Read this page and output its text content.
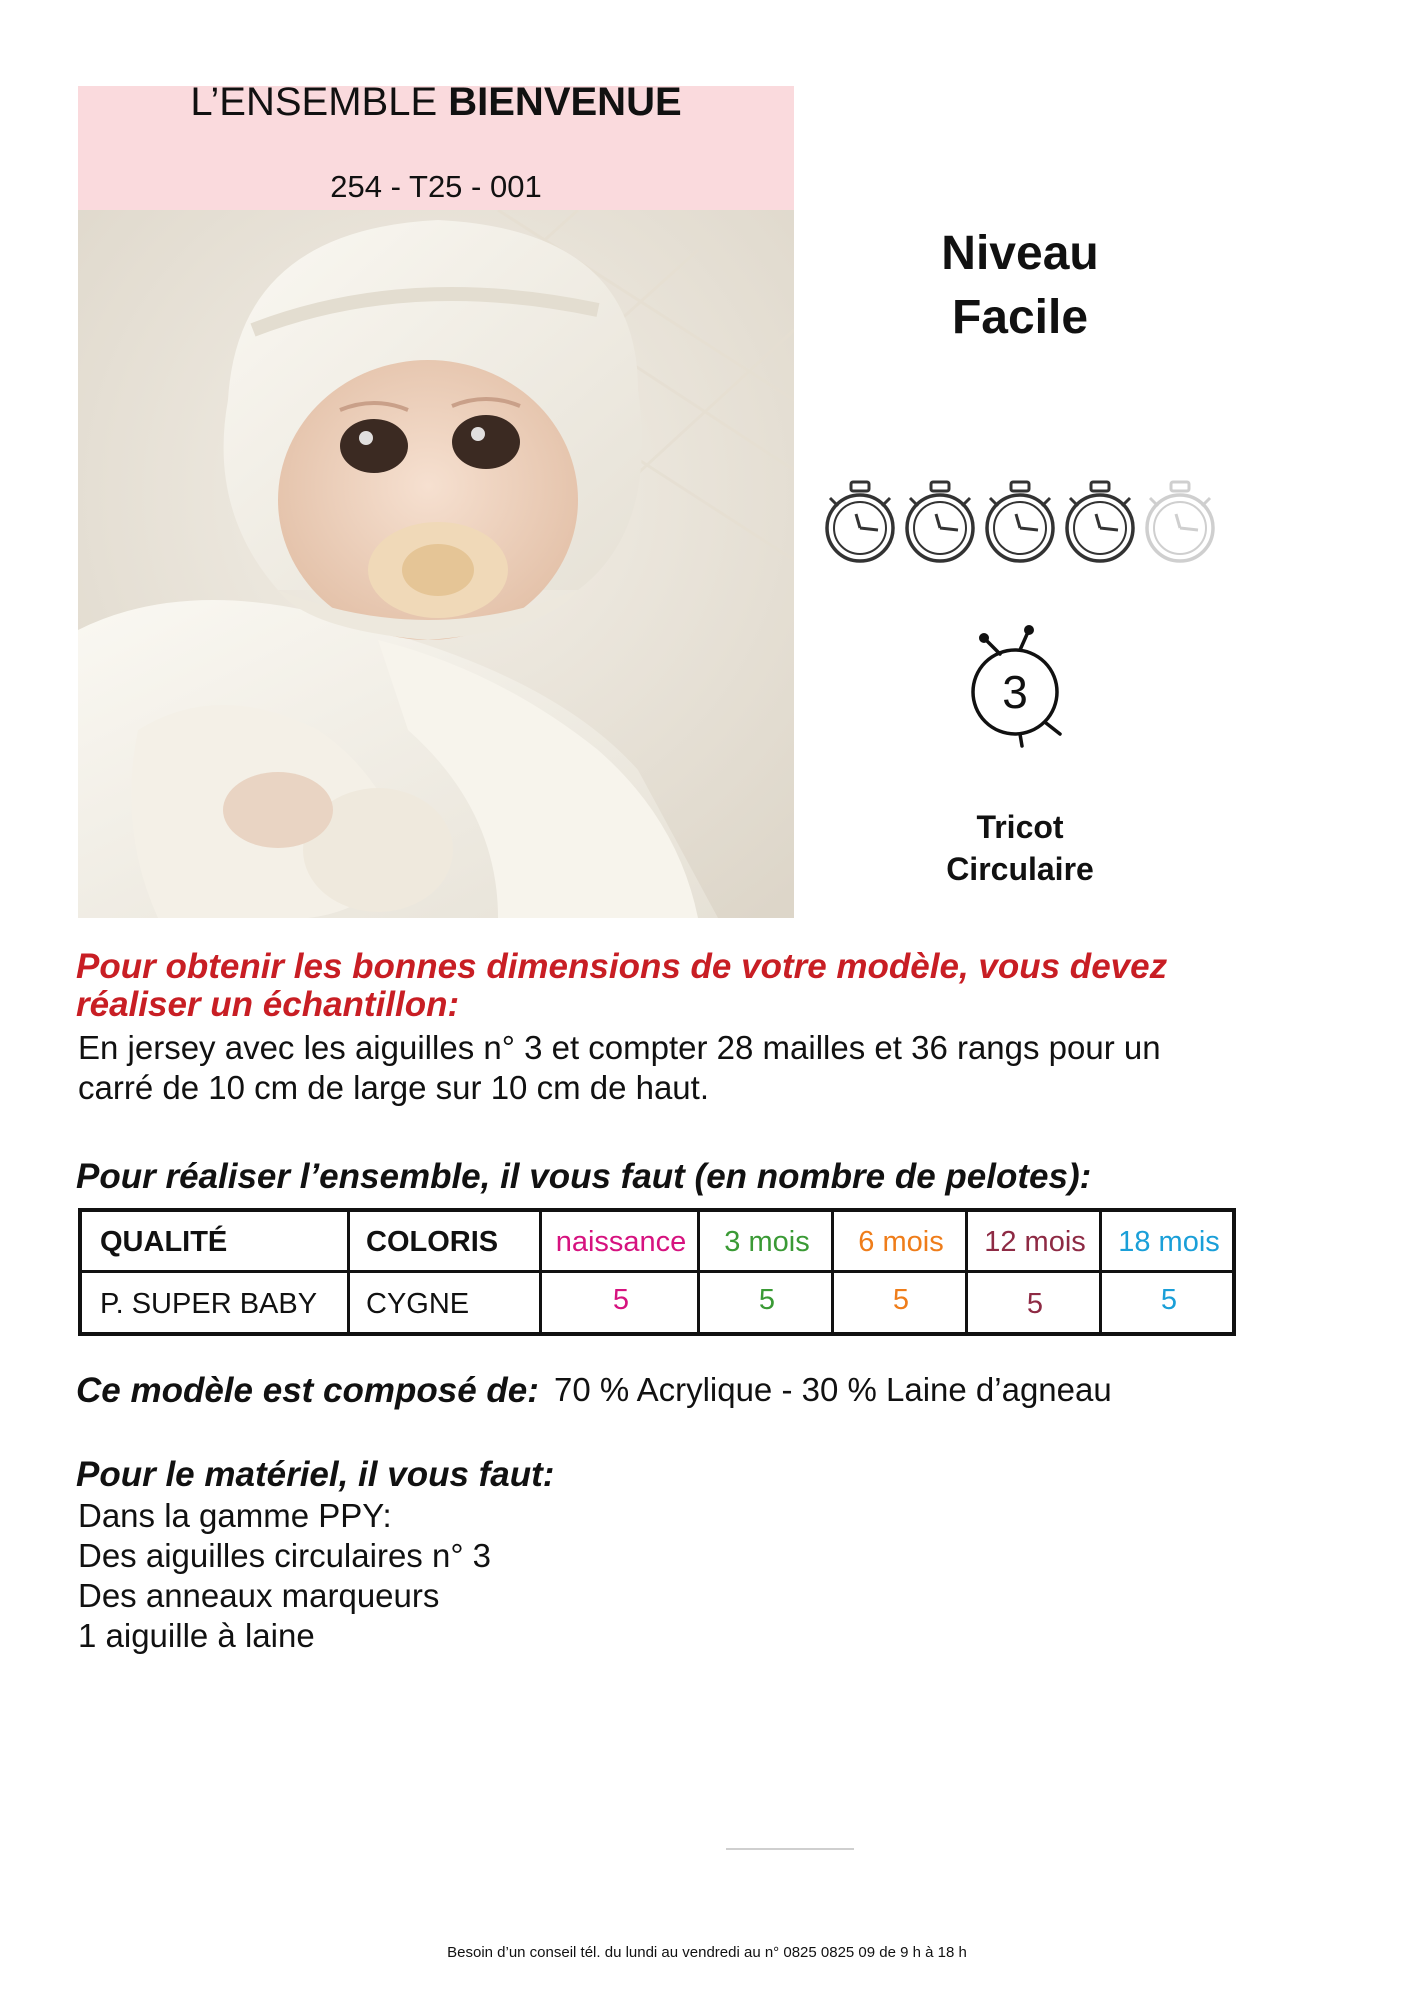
L’ENSEMBLE BIENVENUE
254 - T25 - 001
Niveau
Facile
3
Tricot
Circulaire
Pour obtenir les bonnes dimensions de votre modèle, vous devez
réaliser un échantillon:
En jersey avec les aiguilles n° 3 et compter 28 mailles et 36 rangs pour un
carré de 10 cm de large sur 10 cm de haut.
Pour réaliser l’ensemble, il vous faut (en nombre de pelotes):
QUALITÉ	COLORIS	naissance	3 mois	6 mois	12 mois	18 mois
P. SUPER BABY	CYGNE	5	5	5	5	5
Ce modèle est composé de: 70 % Acrylique - 30 % Laine d’agneau
Pour le matériel, il vous faut:
Dans la gamme PPY:
Des aiguilles circulaires n° 3
Des anneaux marqueurs
1 aiguille à laine
Besoin d’un conseil tél. du lundi au vendredi au n° 0825 0825 09 de 9 h à 18 h
